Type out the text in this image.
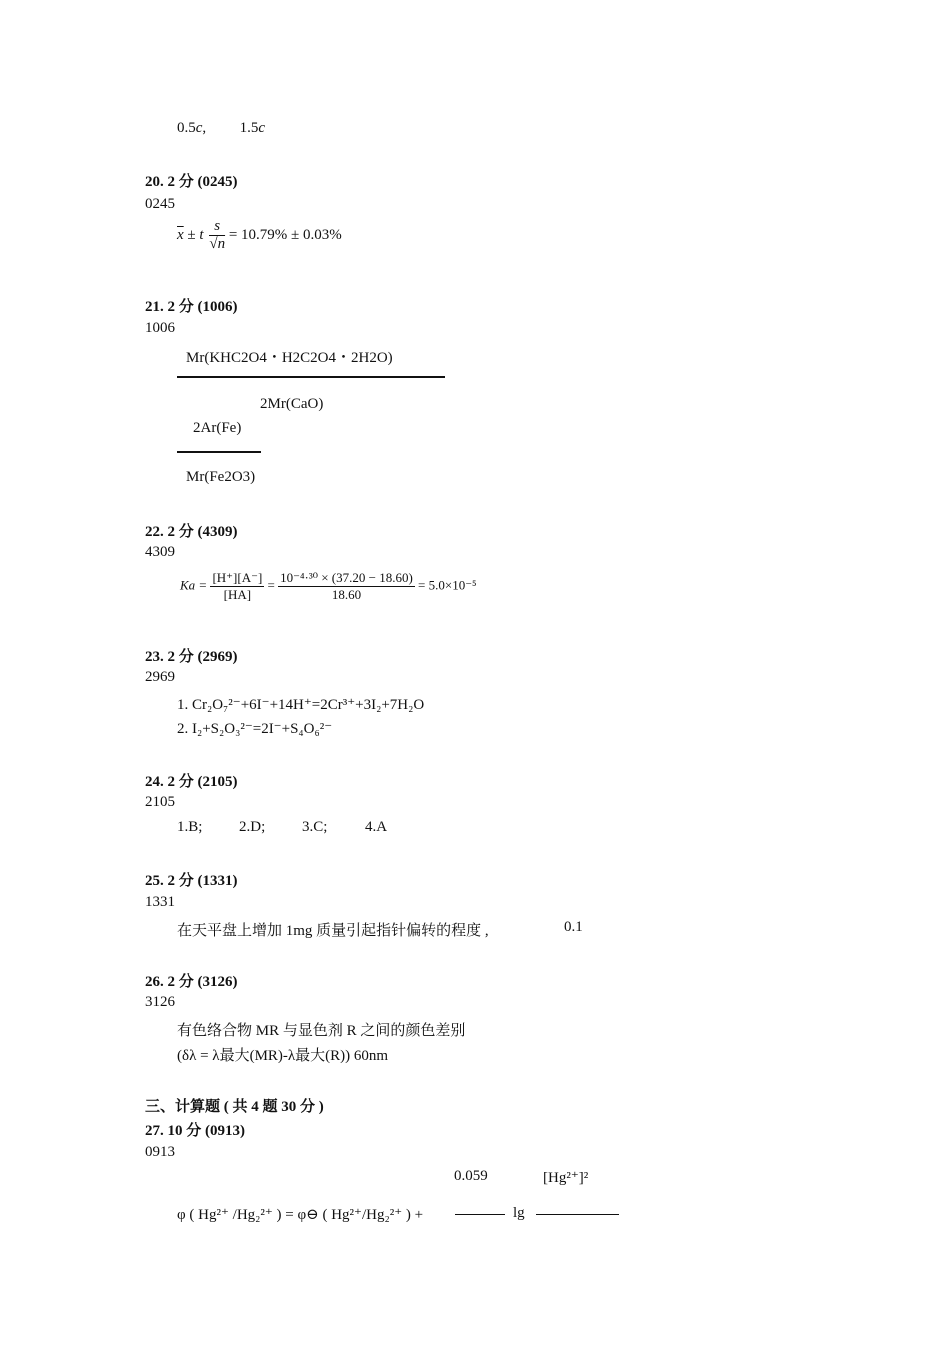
0.5c, 1.5c
20. 2 分 (0245)
0245
$\overline{x} \pm t \frac{s}{√n} = 10.79\% \pm 0.03\%$
21. 2 分 (1006)
1006
Mr(KHC2O4・H2C2O4・2H2O)
2Mr(CaO)
2Ar(Fe)
Mr(Fe2O3)
22. 2 分 (4309)
4309
$Ka = \frac{[H^+][A^-]}{[HA]} = \frac{\text{10⁻⁴·³⁰ × (37.20 − 18.60)}}{18.60} = 5.0\times 10^{-5}$
23. 2 分 (2969)
2969
1. Cr₂O₇²⁻+6I⁻+14H⁺=2Cr³⁺+3I₂+7H₂O
2. I₂+S₂O₃²⁻=2I⁻+S₄O₆²⁻
24. 2 分 (2105)
2105
1.B; 2.D; 3.C;	4.A
25. 2 分 (1331)
1331
在天平盘上增加 1mg 质量引起指针偏转的程度 ,	0.1
26. 2 分 (3126)
3126
有色络合物 MR 与显色剂 R 之间的颜色差别
(δλ = λ最大(MR)-λ最大(R)) 60nm
三、计算题 ( 共 4 题 30 分 )
27. 10 分 (0913)
0913
0.059	[Hg²⁺]²
φ ( Hg²⁺ /Hg₂²⁺ ) = φ⊖ ( Hg²⁺/Hg₂²⁺ ) +	lg
